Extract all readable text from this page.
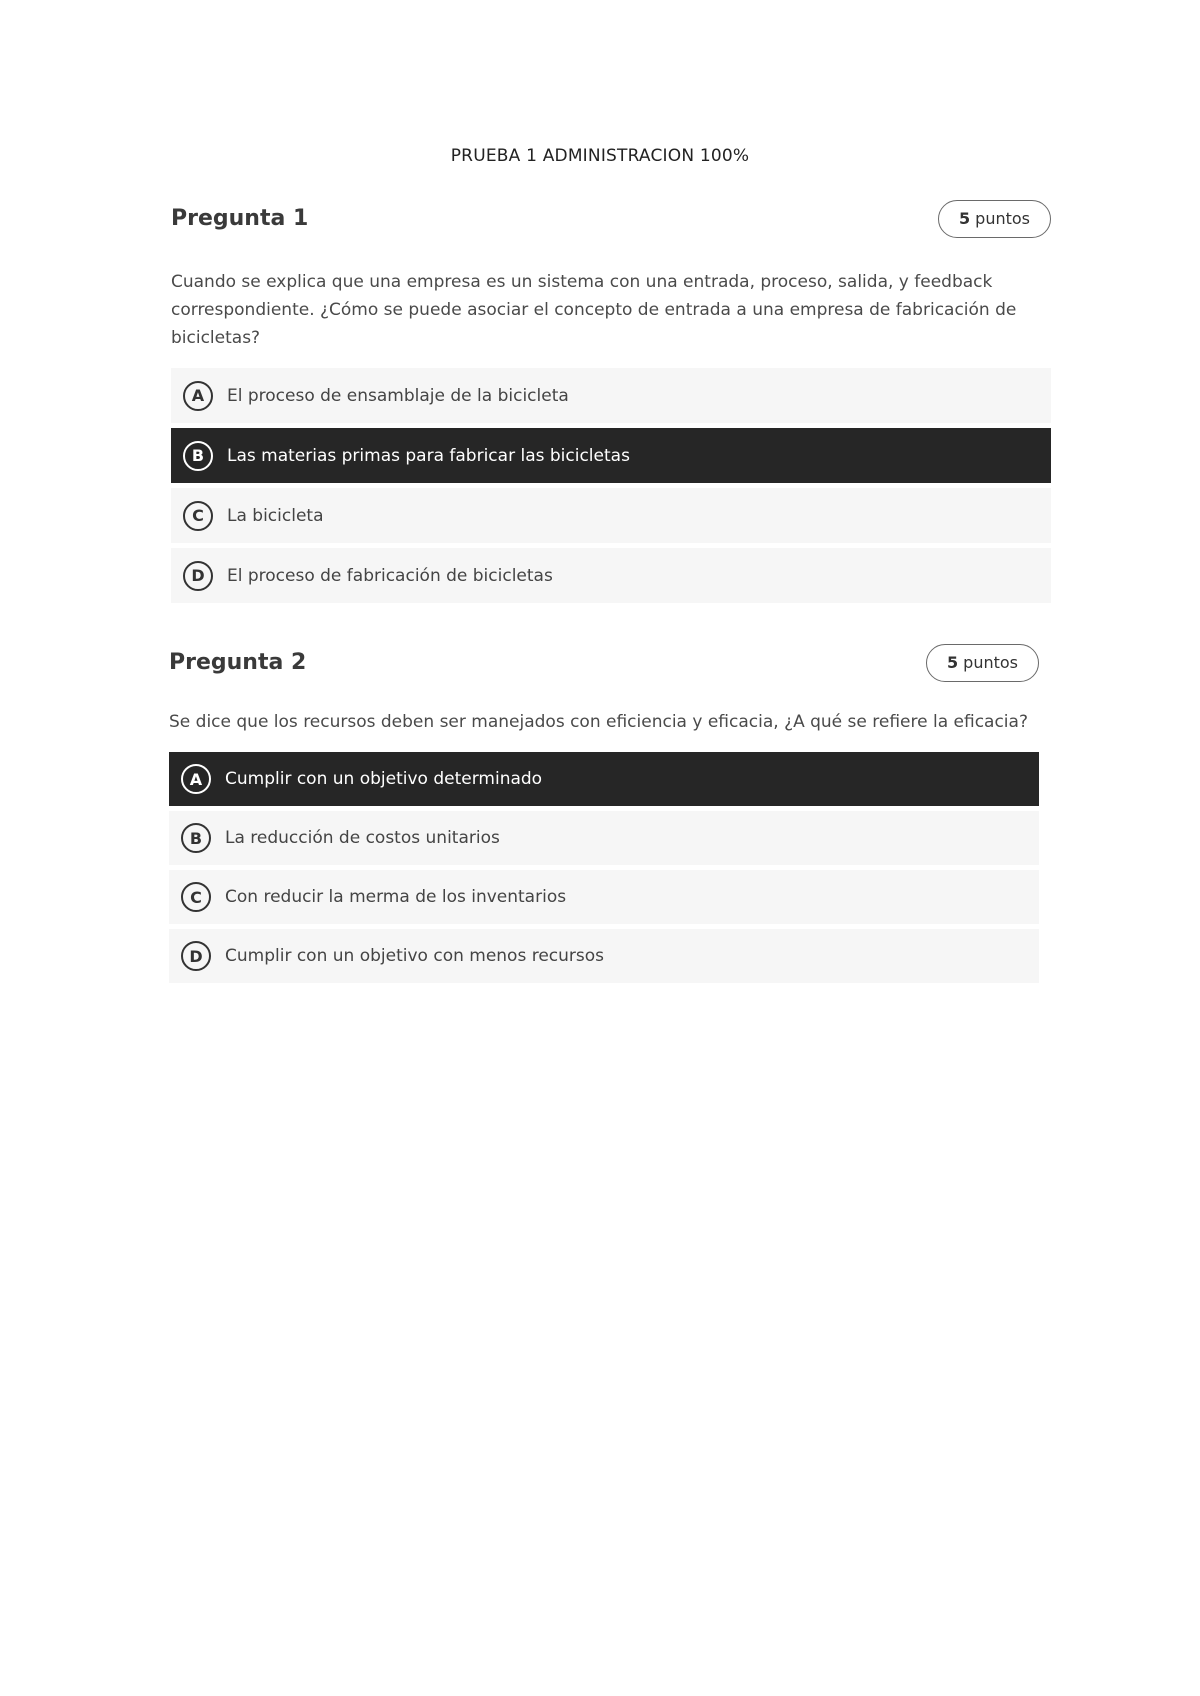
PRUEBA 1 ADMINISTRACION 100%
Pregunta 1	5 puntos
Cuando se explica que una empresa es un sistema con una entrada, proceso, salida, y feedback correspondiente. ¿Cómo se puede asociar el concepto de entrada a una empresa de fabricación de bicicletas?
A	El proceso de ensamblaje de la bicicleta
B	Las materias primas para fabricar las bicicletas
C	La bicicleta
D	El proceso de fabricación de bicicletas
Pregunta 2	5 puntos
Se dice que los recursos deben ser manejados con eficiencia y eficacia, ¿A qué se refiere la eficacia?
A	Cumplir con un objetivo determinado
B	La reducción de costos unitarios
C	Con reducir la merma de los inventarios
D	Cumplir con un objetivo con menos recursos
